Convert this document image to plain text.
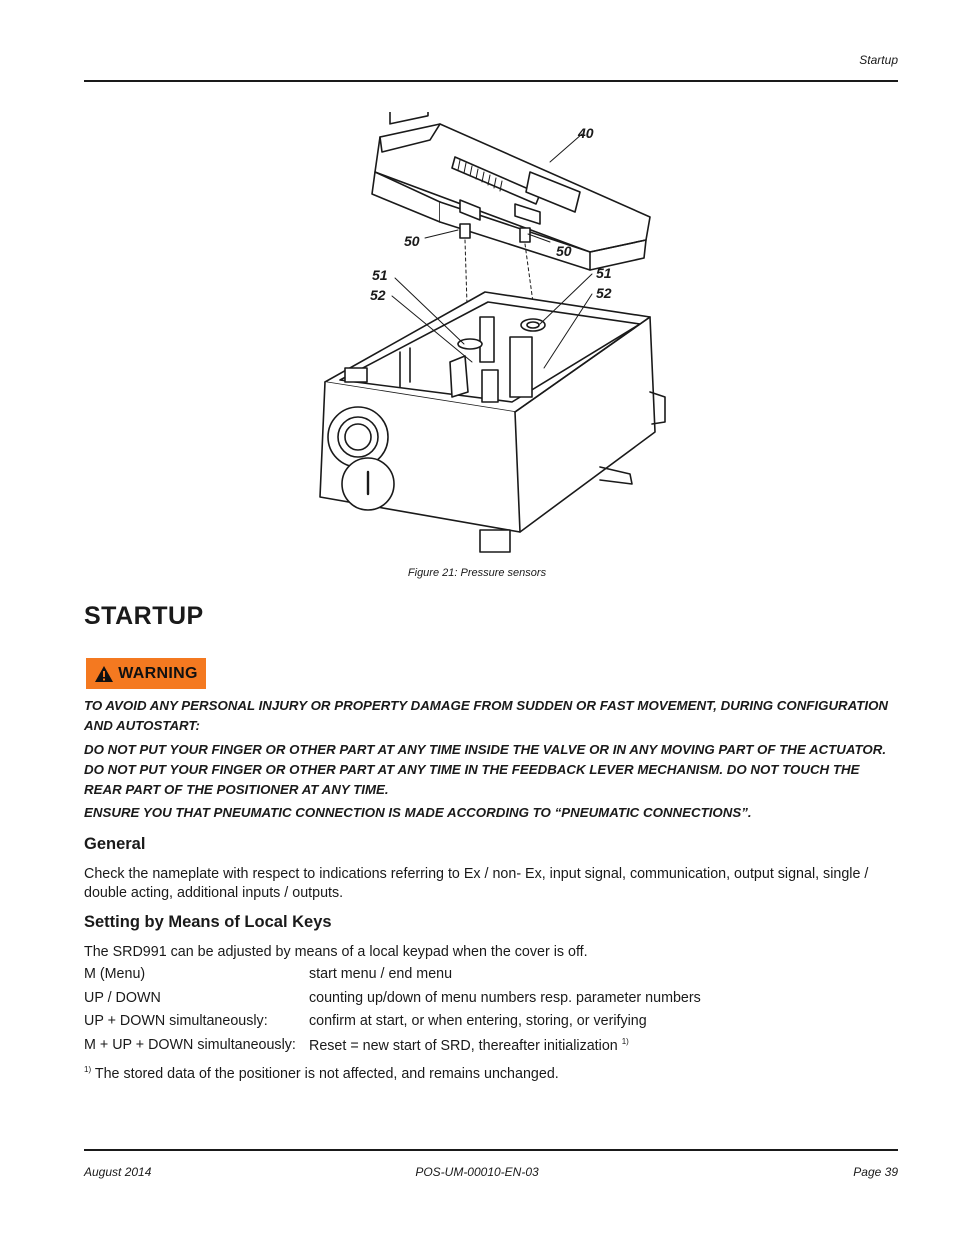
Startup
40
50
50
51
52
51
52
Figure 21: Pressure sensors
STARTUP
WARNING
TO AVOID ANY PERSONAL INJURY OR PROPERTY DAMAGE FROM SUDDEN OR FAST MOVEMENT, DURING CONFIGURATION AND AUTOSTART:
DO NOT PUT YOUR FINGER OR OTHER PART AT ANY TIME INSIDE THE VALVE OR IN ANY MOVING PART OF THE ACTUATOR. DO NOT PUT YOUR FINGER OR OTHER PART AT ANY TIME IN THE FEEDBACK LEVER MECHANISM. DO NOT TOUCH THE REAR PART OF THE POSITIONER AT ANY TIME.
ENSURE YOU THAT PNEUMATIC CONNECTION IS MADE ACCORDING TO “PNEUMATIC CONNECTIONS”.
General
Check the nameplate with respect to indications referring to Ex / non- Ex, input signal, communication, output signal, single / double acting, additional inputs / outputs.
Setting by Means of Local Keys
The SRD991 can be adjusted by means of a local keypad when the cover is off.
M (Menu)	start menu / end menu
UP / DOWN	counting up/down of menu numbers resp. parameter numbers
UP + DOWN simultaneously:	confirm at start, or when entering, storing, or verifying
M + UP + DOWN simultaneously: Reset = new start of SRD, thereafter initialization $^{1)}$
$^{1)}$ The stored data of the positioner is not affected, and remains unchanged.
August 2014	POS-UM-00010-EN-03	Page 39
